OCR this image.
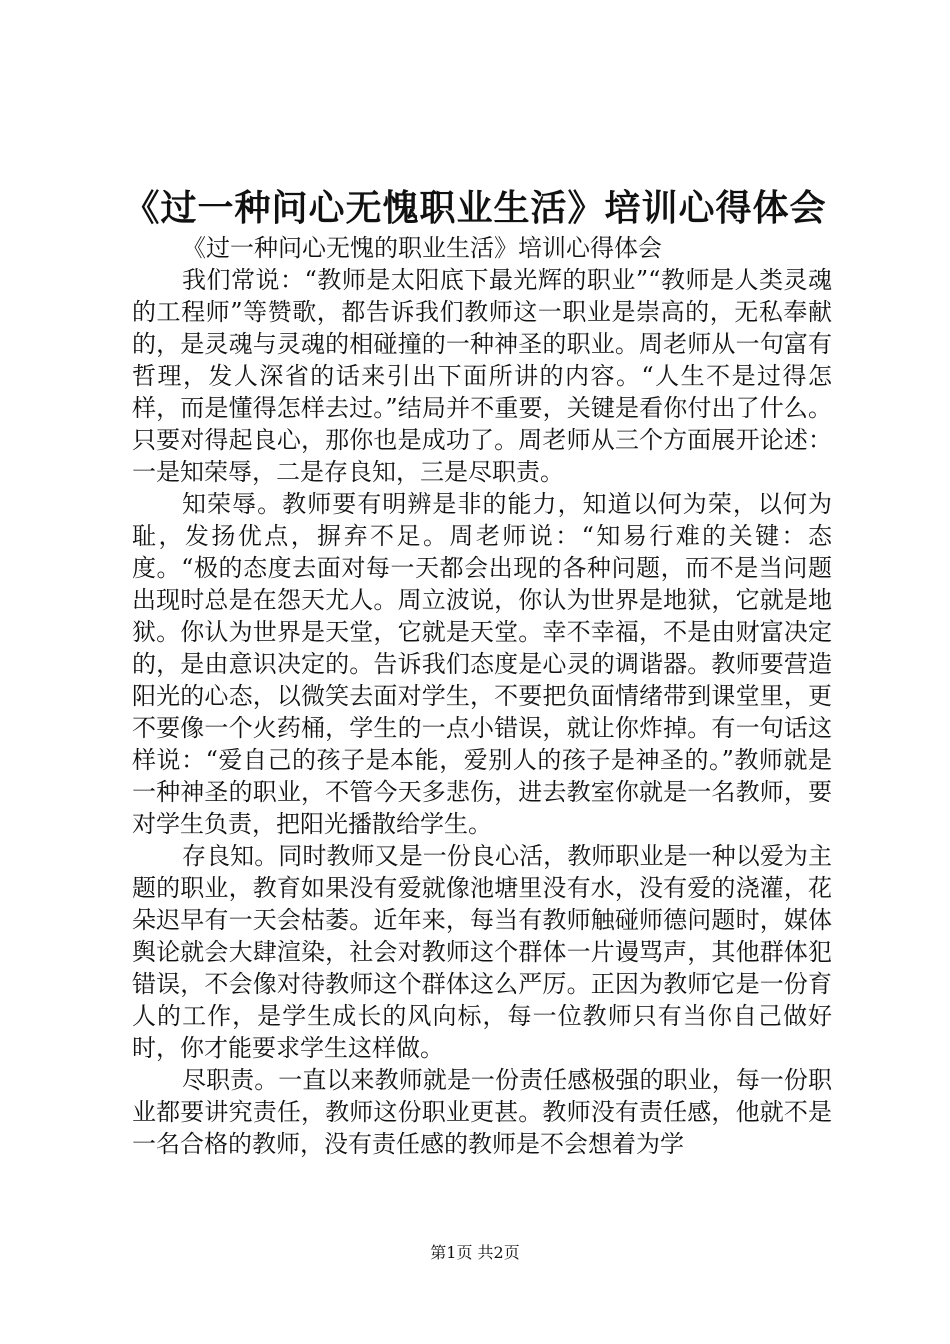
《过一种问心无愧职业生活》培训心得体会

《过一种问心无愧的职业生活》培训心得体会

我们常说：“教师是太阳底下最光辉的职业”“教师是人类灵魂的工程师”等赞歌，都告诉我们教师这一职业是崇高的，无私奉献的，是灵魂与灵魂的相碰撞的一种神圣的职业。周老师从一句富有哲理，发人深省的话来引出下面所讲的内容。“人生不是过得怎样，而是懂得怎样去过。”结局并不重要，关键是看你付出了什么。只要对得起良心，那你也是成功了。周老师从三个方面展开论述：一是知荣辱，二是存良知，三是尽职责。

知荣辱。教师要有明辨是非的能力，知道以何为荣，以何为耻，发扬优点，摒弃不足。周老师说：“知易行难的关键：态度。“极的态度去面对每一天都会出现的各种问题，而不是当问题出现时总是在怨天尤人。周立波说，你认为世界是地狱，它就是地狱。你认为世界是天堂，它就是天堂。幸不幸福，不是由财富决定的，是由意识决定的。告诉我们态度是心灵的调谐器。教师要营造阳光的心态，以微笑去面对学生，不要把负面情绪带到课堂里，更不要像一个火药桶，学生的一点小错误，就让你炸掉。有一句话这样说：“爱自己的孩子是本能，爱别人的孩子是神圣的。”教师就是一种神圣的职业，不管今天多悲伤，进去教室你就是一名教师，要对学生负责，把阳光播散给学生。

存良知。同时教师又是一份良心活，教师职业是一种以爱为主题的职业，教育如果没有爱就像池塘里没有水，没有爱的浇灌，花朵迟早有一天会枯萎。近年来，每当有教师触碰师德问题时，媒体舆论就会大肆渲染，社会对教师这个群体一片谩骂声，其他群体犯错误，不会像对待教师这个群体这么严厉。正因为教师它是一份育人的工作，是学生成长的风向标，每一位教师只有当你自己做好时，你才能要求学生这样做。

尽职责。一直以来教师就是一份责任感极强的职业，每一份职业都要讲究责任，教师这份职业更甚。教师没有责任感，他就不是一名合格的教师，没有责任感的教师是不会想着为学

第1页 共2页
